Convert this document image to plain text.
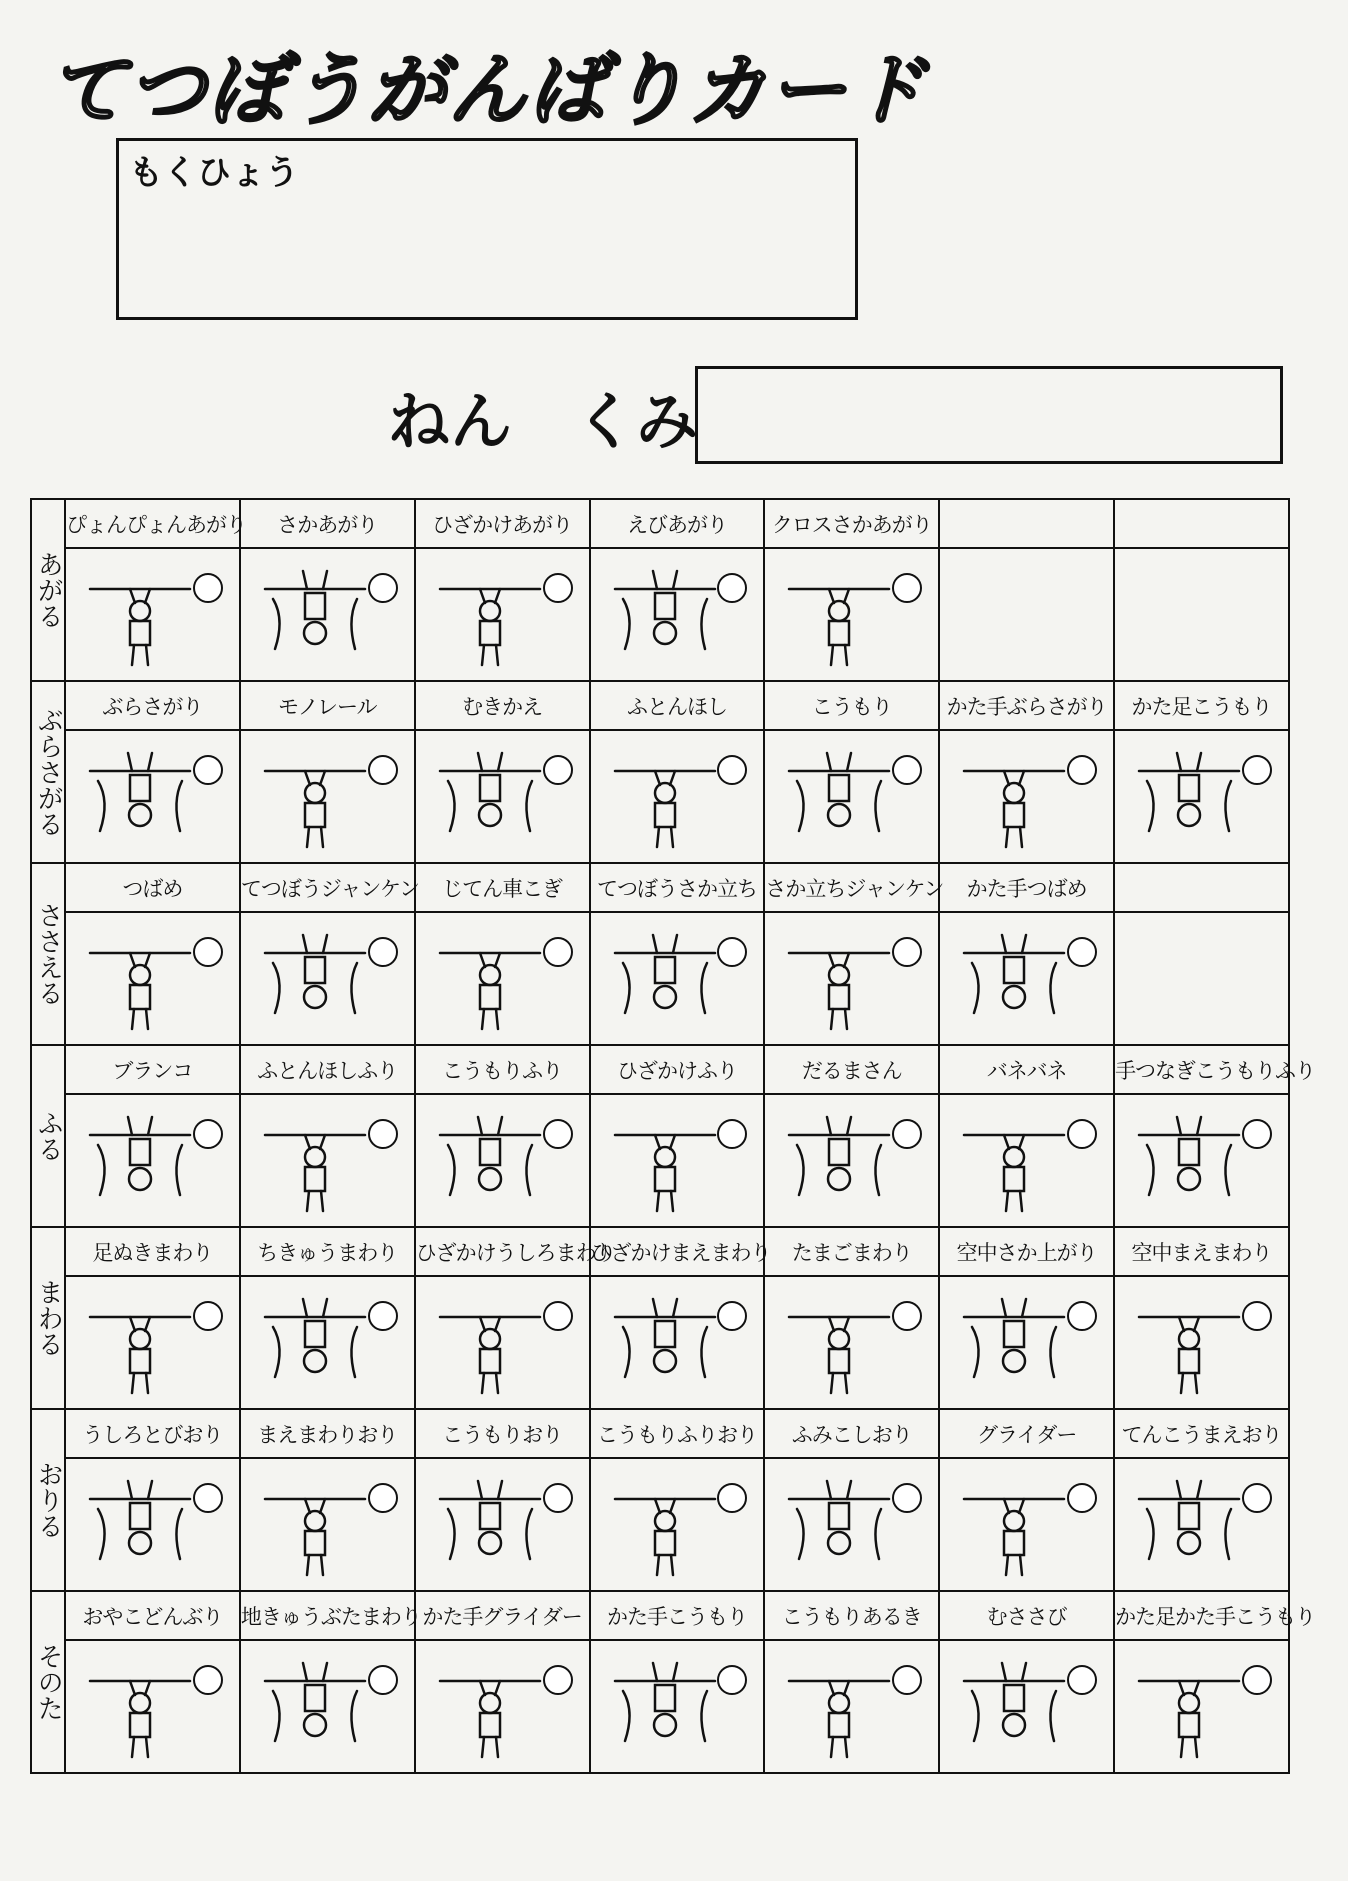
てつぼうがんばりカード
もくひょう
ねん　くみ
あがる	ぴょんぴょんあがり	さかあがり	ひざかけあがり	えびあがり	クロスさかあがり		

ぶらさがる	ぶらさがり	モノレール	むきかえ	ふとんほし	こうもり	かた手ぶらさがり	かた足こうもり

ささえる	つばめ	てつぼうジャンケン	じてん車こぎ	てつぼうさか立ち	さか立ちジャンケン	かた手つばめ	

ふる	ブランコ	ふとんほしふり	こうもりふり	ひざかけふり	だるまさん	バネバネ	手つなぎこうもりふり

まわる	足ぬきまわり	ちきゅうまわり	ひざかけうしろまわり	ひざかけまえまわり	たまごまわり	空中さか上がり	空中まえまわり

おりる	うしろとびおり	まえまわりおり	こうもりおり	こうもりふりおり	ふみこしおり	グライダー	てんこうまえおり

そのた	おやこどんぶり	地きゅうぶたまわり	かた手グライダー	かた手こうもり	こうもりあるき	むささび	かた足かた手こうもり
